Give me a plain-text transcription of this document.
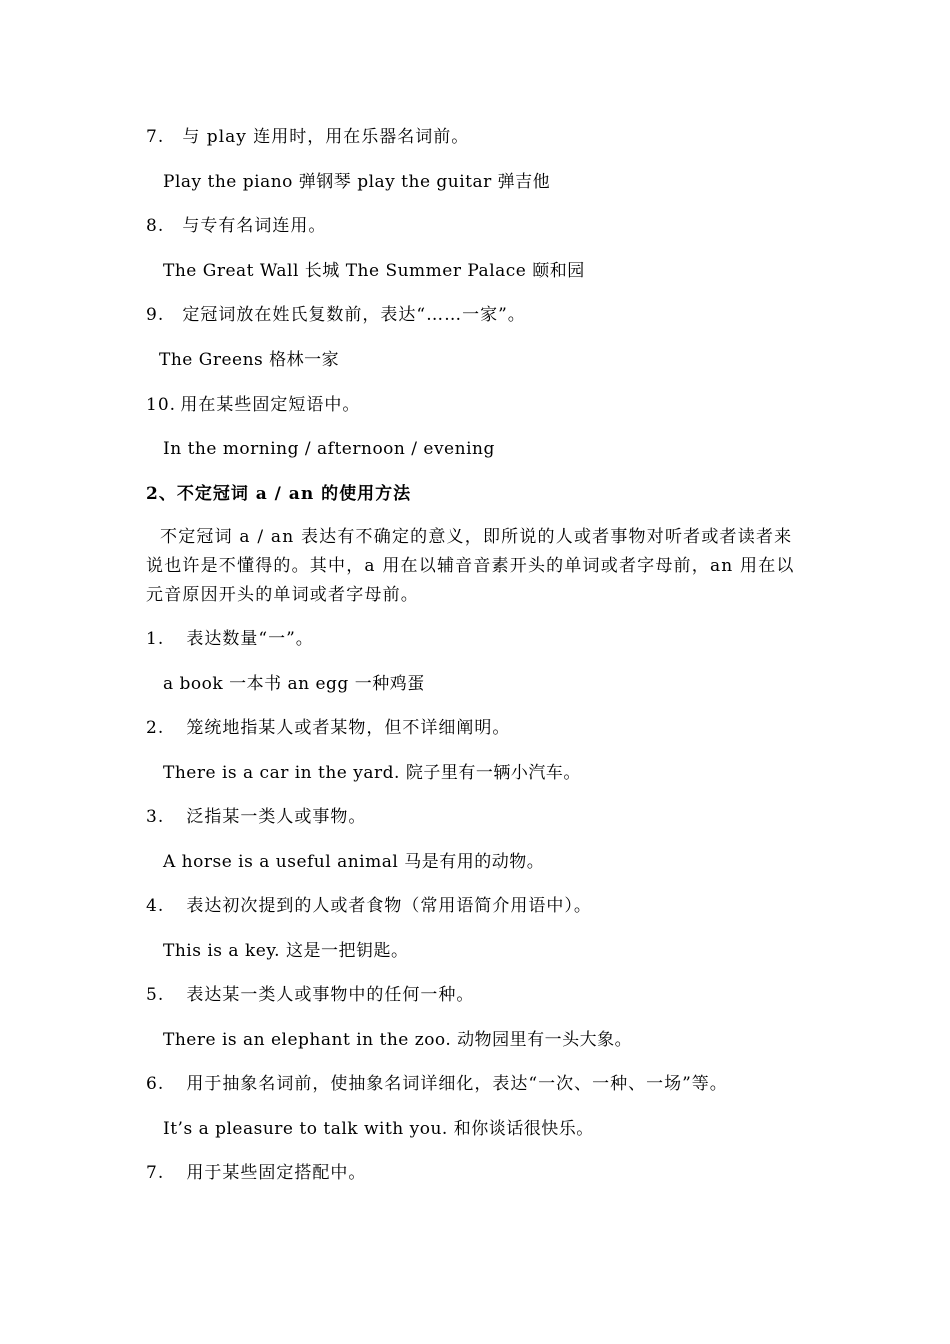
7. 与 play 连用时，用在乐器名词前。
Play the piano 弹钢琴 play the guitar 弹吉他
8. 与专有名词连用。
The Great Wall 长城 The Summer Palace 颐和园
9. 定冠词放在姓氏复数前，表达“……一家”。
The Greens 格林一家
10. 用在某些固定短语中。
In the morning / afternoon / evening
2、不定冠词 a / an 的使用方法
不定冠词 a / an 表达有不确定的意义，即所说的人或者事物对听者或者读者来说也许是不懂得的。其中，a 用在以辅音音素开头的单词或者字母前，an 用在以元音原因开头的单词或者字母前。
1. 表达数量“一”。
a book 一本书 an egg 一种鸡蛋
2. 笼统地指某人或者某物，但不详细阐明。
There is a car in the yard. 院子里有一辆小汽车。
3. 泛指某一类人或事物。
A horse is a useful animal 马是有用的动物。
4. 表达初次提到的人或者食物（常用语简介用语中）。
This is a key. 这是一把钥匙。
5. 表达某一类人或事物中的任何一种。
There is an elephant in the zoo. 动物园里有一头大象。
6. 用于抽象名词前，使抽象名词详细化，表达“一次、一种、一场”等。
It’s a pleasure to talk with you. 和你谈话很快乐。
7. 用于某些固定搭配中。
